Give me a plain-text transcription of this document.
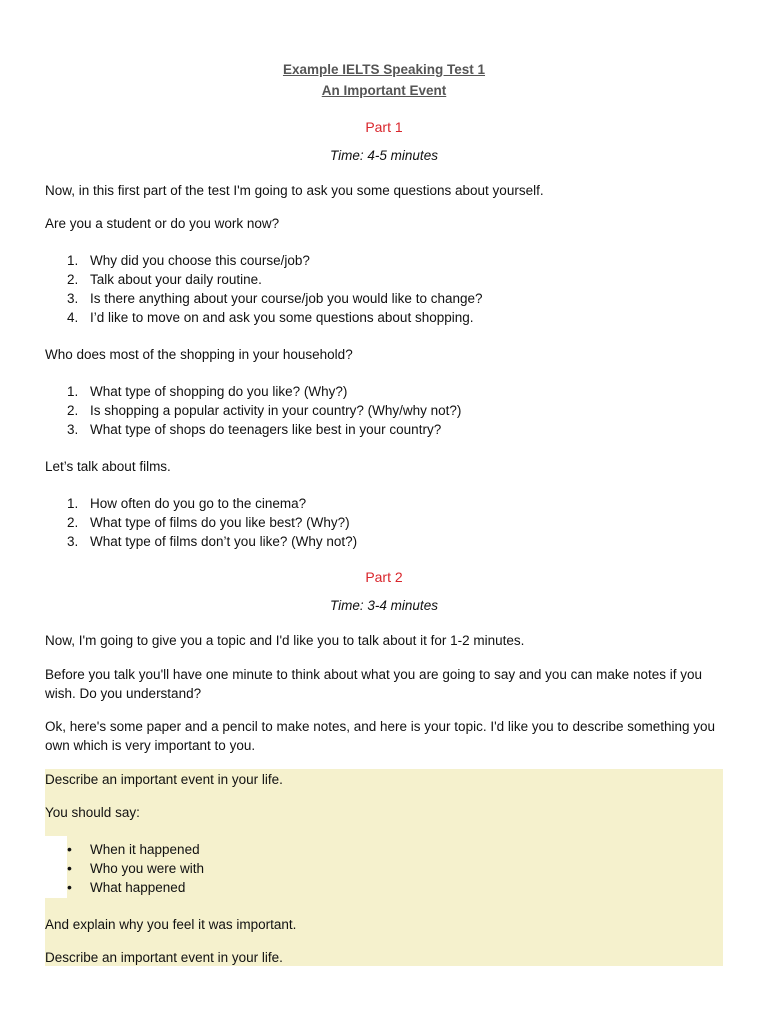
Example IELTS Speaking Test 1
An Important Event
Part 1
Time: 4-5 minutes
Now, in this first part of the test I'm going to ask you some questions about yourself.
Are you a student or do you work now?
1. Why did you choose this course/job?
2. Talk about your daily routine.
3. Is there anything about your course/job you would like to change?
4. I’d like to move on and ask you some questions about shopping.
Who does most of the shopping in your household?
1. What type of shopping do you like? (Why?)
2. Is shopping a popular activity in your country? (Why/why not?)
3. What type of shops do teenagers like best in your country?
Let’s talk about films.
1. How often do you go to the cinema?
2. What type of films do you like best? (Why?)
3. What type of films don’t you like? (Why not?)
Part 2
Time: 3-4 minutes
Now, I'm going to give you a topic and I'd like you to talk about it for 1-2 minutes.
Before you talk you'll have one minute to think about what you are going to say and you can make notes if you wish. Do you understand?
Ok, here's some paper and a pencil to make notes, and here is your topic. I'd like you to describe something you own which is very important to you.
Describe an important event in your life.
You should say:
•	When it happened
•	Who you were with
•	What happened
And explain why you feel it was important.
Describe an important event in your life.
